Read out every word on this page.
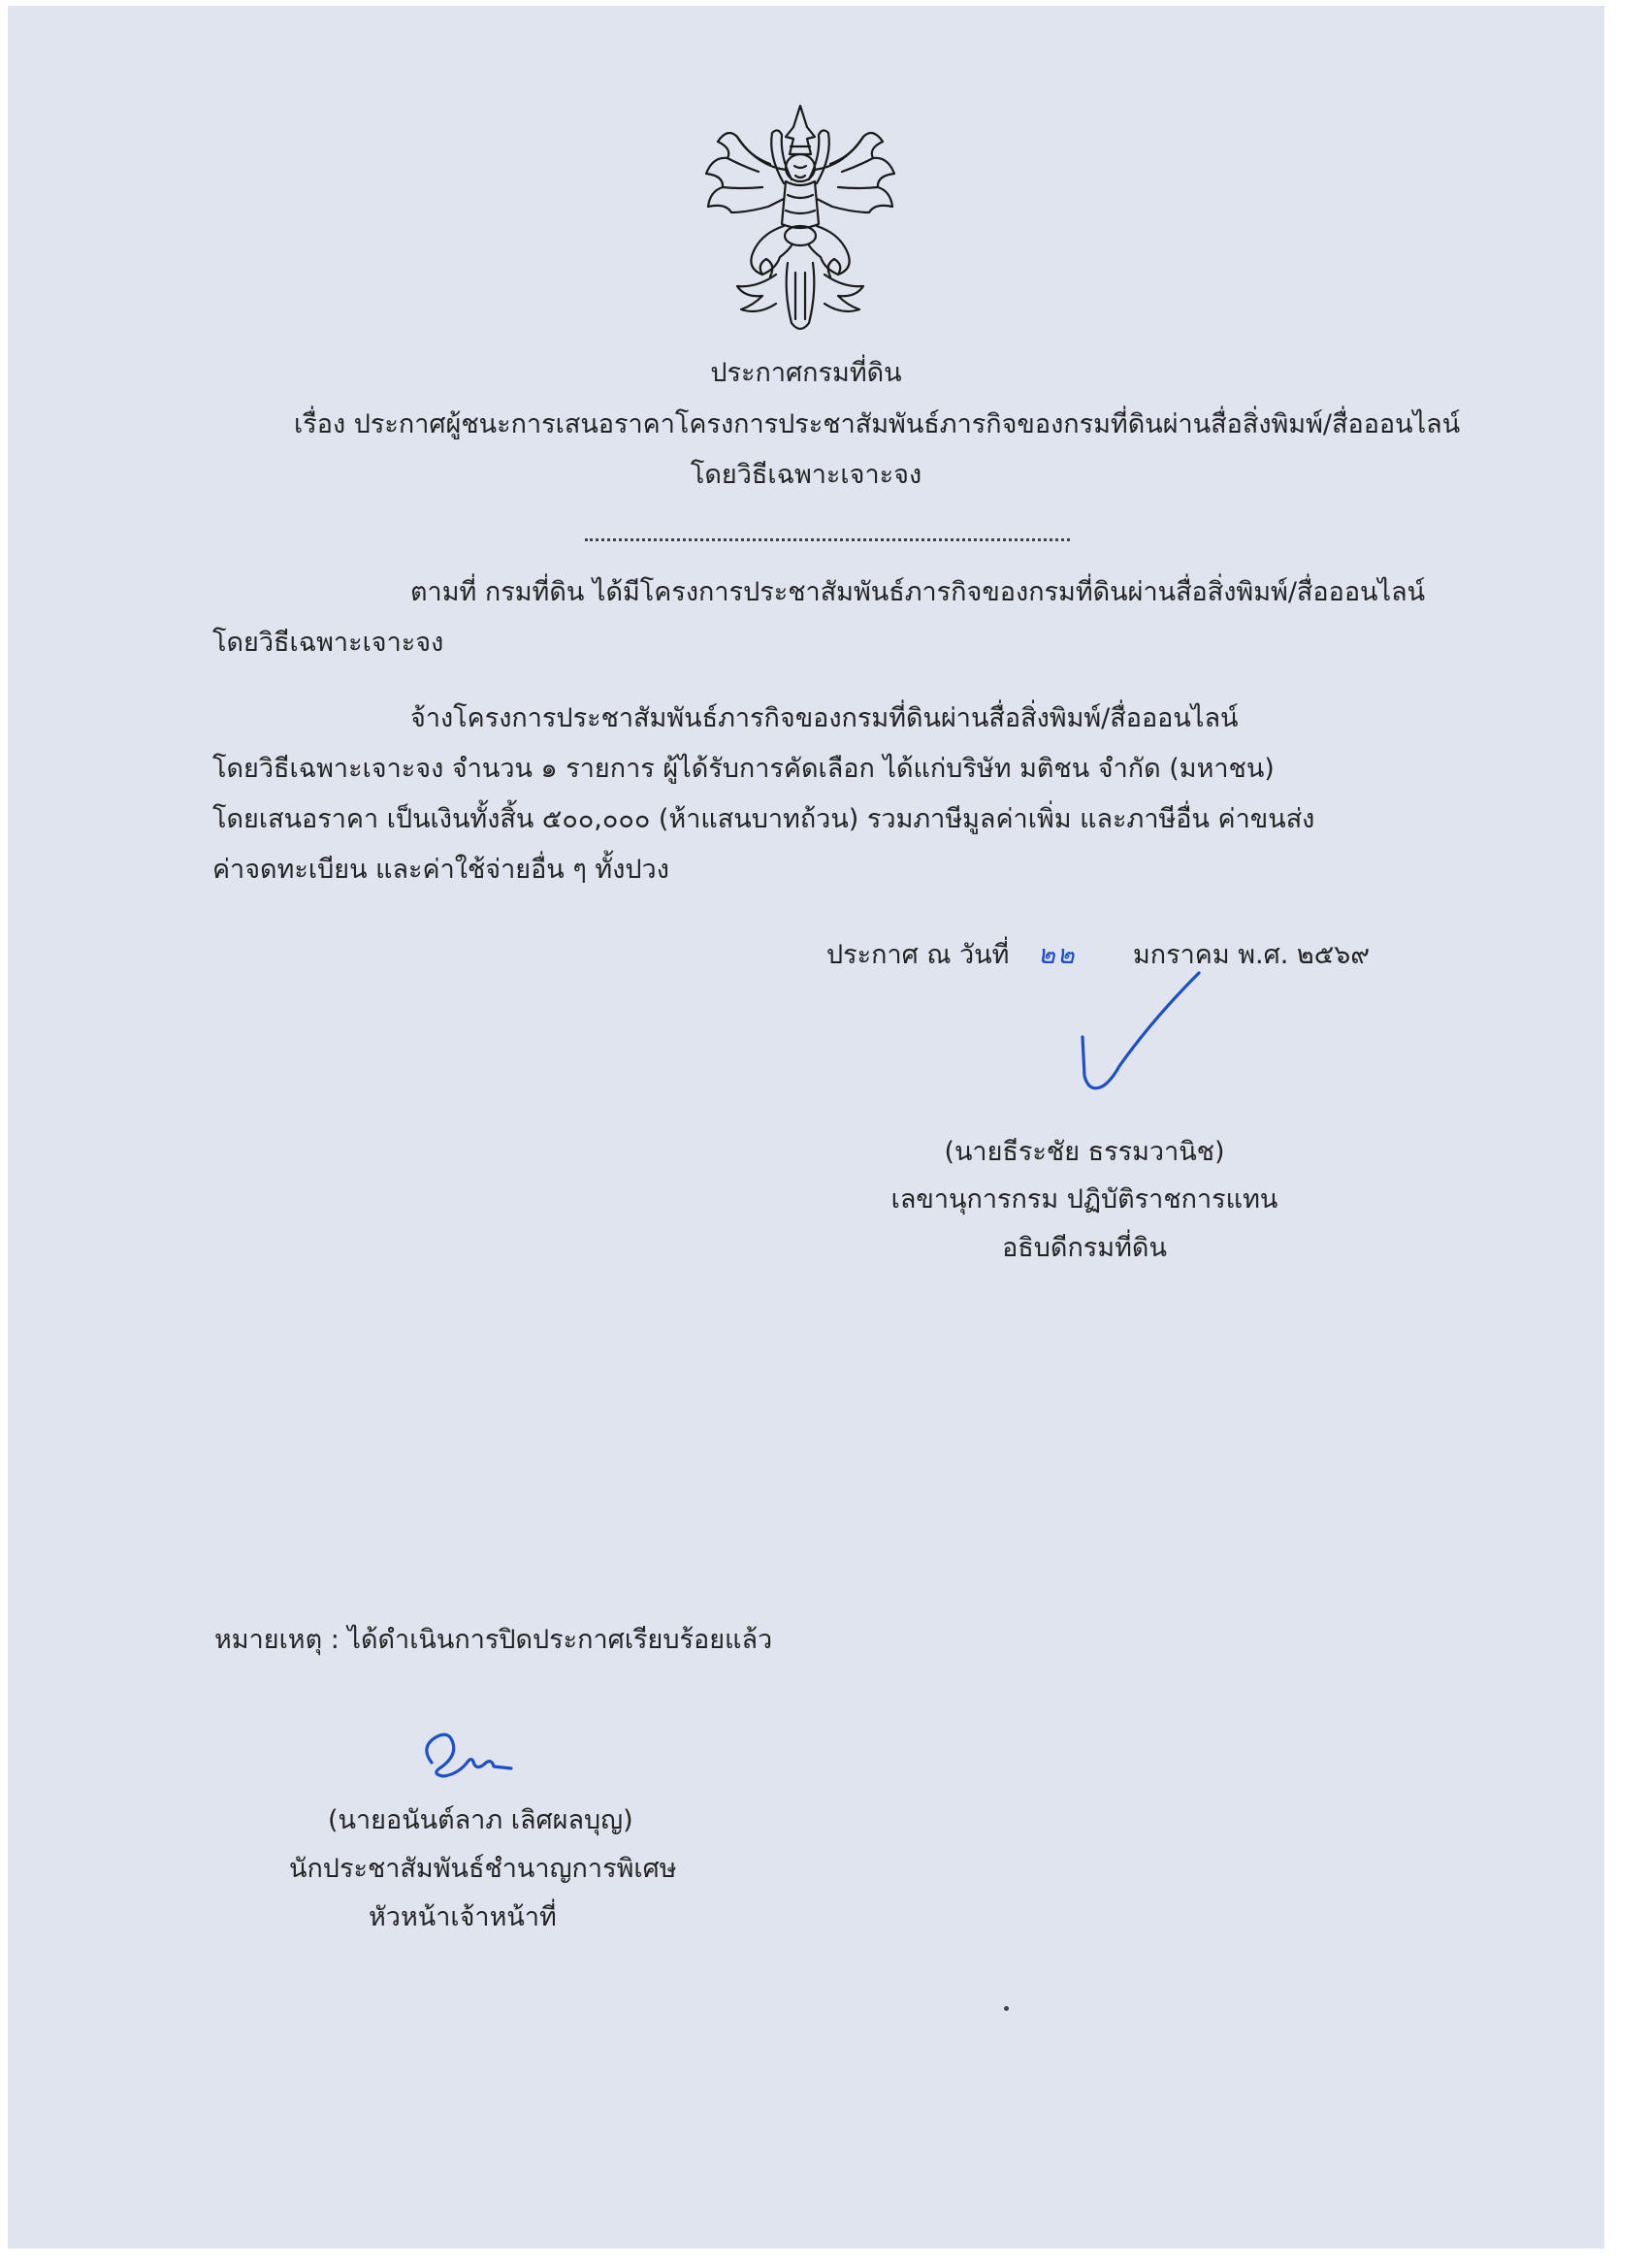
ประกาศกรมที่ดิน
เรื่อง ประกาศผู้ชนะการเสนอราคาโครงการประชาสัมพันธ์ภารกิจของกรมที่ดินผ่านสื่อสิ่งพิมพ์/สื่อออนไลน์
โดยวิธีเฉพาะเจาะจง
ตามที่ กรมที่ดิน ได้มีโครงการประชาสัมพันธ์ภารกิจของกรมที่ดินผ่านสื่อสิ่งพิมพ์/สื่อออนไลน์
โดยวิธีเฉพาะเจาะจง
จ้างโครงการประชาสัมพันธ์ภารกิจของกรมที่ดินผ่านสื่อสิ่งพิมพ์/สื่อออนไลน์
โดยวิธีเฉพาะเจาะจง จำนวน ๑ รายการ ผู้ได้รับการคัดเลือก ได้แก่บริษัท มติชน จำกัด (มหาชน)
โดยเสนอราคา เป็นเงินทั้งสิ้น ๕๐๐,๐๐๐ (ห้าแสนบาทถ้วน) รวมภาษีมูลค่าเพิ่ม และภาษีอื่น ค่าขนส่ง
ค่าจดทะเบียน และค่าใช้จ่ายอื่น ๆ ทั้งปวง
ประกาศ ณ วันที่ ๒๒ มกราคม พ.ศ. ๒๕๖๙
(นายธีระชัย ธรรมวานิช)
เลขานุการกรม ปฏิบัติราชการแทน
อธิบดีกรมที่ดิน
หมายเหตุ : ได้ดำเนินการปิดประกาศเรียบร้อยแล้ว
(นายอนันต์ลาภ เลิศผลบุญ)
นักประชาสัมพันธ์ชำนาญการพิเศษ
หัวหน้าเจ้าหน้าที่
